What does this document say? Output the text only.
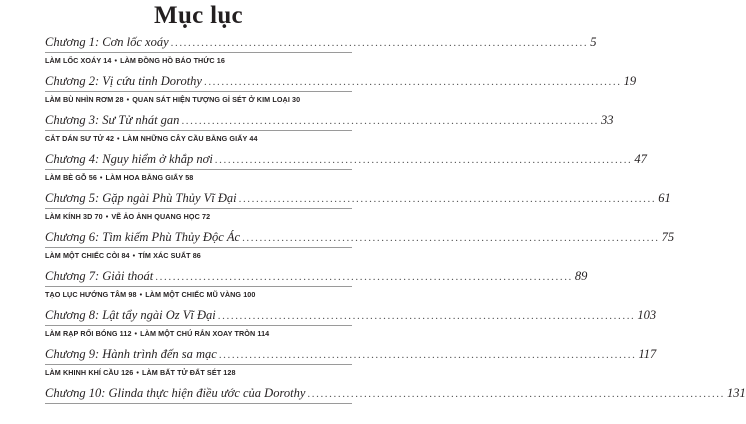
Mục lục
Chương 1: Cơn lốc xoáy ................................................................................................ 5
LÀM LỐC XOÁY 14 • LÀM ĐỒNG HỒ BÁO THỨC 16
Chương 2: Vị cứu tinh Dorothy ................................................................................................ 19
LÀM BÙ NHÌN RƠM 28 • QUAN SÁT HIỆN TƯỢNG GỈ SÉT Ở KIM LOẠI 30
Chương 3: Sư Tử nhát gan ................................................................................................ 33
CẮT DÁN SƯ TỬ 42 • LÀM NHỮNG CÂY CẦU BẰNG GIẤY 44
Chương 4: Nguy hiểm ở khắp nơi ................................................................................................ 47
LÀM BÈ GỖ 56 • LÀM HOA BẰNG GIẤY 58
Chương 5: Gặp ngài Phù Thủy Vĩ Đại ................................................................................................ 61
LÀM KÍNH 3D 70 • VẼ ẢO ẢNH QUANG HỌC 72
Chương 6: Tìm kiếm Phù Thủy Độc Ác ................................................................................................ 75
LÀM MỘT CHIẾC CÒI 84 • TÍM XÁC SUẤT 86
Chương 7: Giải thoát ................................................................................................ 89
TẠO LỤC HƯỚNG TÂM 98 • LÀM MỘT CHIẾC MŨ VÀNG 100
Chương 8: Lật tẩy ngài Oz Vĩ Đại ................................................................................................ 103
LÀM RẠP RỐI BÓNG 112 • LÀM MỘT CHÚ RẮN XOAY TRÒN 114
Chương 9: Hành trình đến sa mạc ................................................................................................ 117
LÀM KHINH KHÍ CẦU 126 • LÀM BẤT TỬ ĐẤT SÉT 128
Chương 10: Glinda thực hiện điều ước của Dorothy ................................................................................................ 131
